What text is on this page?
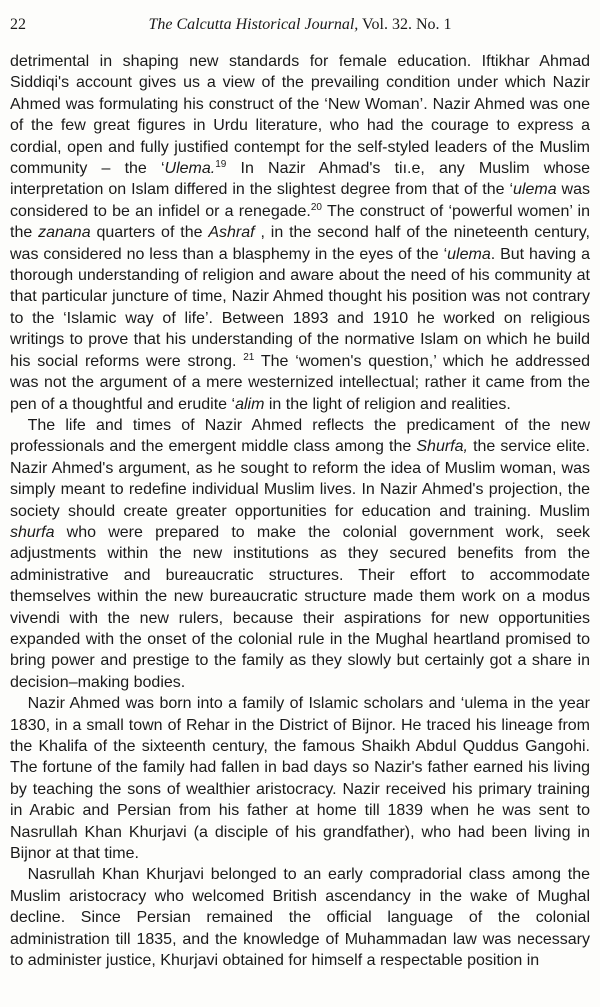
22	The Calcutta Historical Journal, Vol. 32. No. 1

detrimental in shaping new standards for female education. Iftikhar Ahmad Siddiqi's account gives us a view of the prevailing condition under which Nazir Ahmed was formulating his construct of the ‘New Woman’. Nazir Ahmed was one of the few great figures in Urdu literature, who had the courage to express a cordial, open and fully justified contempt for the self-styled leaders of the Muslim community – the ‘Ulema.$^{19}$ In Nazir Ahmad's tiı.e, any Muslim whose interpretation on Islam differed in the slightest degree from that of the ‘ulema was considered to be an infidel or a renegade.$^{20}$ The construct of ‘powerful women’ in the zanana quarters of the Ashraf , in the second half of the nineteenth century, was considered no less than a blasphemy in the eyes of the ‘ulema. But having a thorough understanding of religion and aware about the need of his community at that particular juncture of time, Nazir Ahmed thought his position was not contrary to the ‘Islamic way of life’. Between 1893 and 1910 he worked on religious writings to prove that his understanding of the normative Islam on which he build his social reforms were strong. $^{21}$ The ‘women's question,’ which he addressed was not the argument of a mere westernized intellectual; rather it came from the pen of a thoughtful and erudite ‘alim in the light of religion and realities.

The life and times of Nazir Ahmed reflects the predicament of the new professionals and the emergent middle class among the Shurfa, the service elite. Nazir Ahmed's argument, as he sought to reform the idea of Muslim woman, was simply meant to redefine individual Muslim lives. In Nazir Ahmed's projection, the society should create greater opportunities for education and training. Muslim shurfa who were prepared to make the colonial government work, seek adjustments within the new institutions as they secured benefits from the administrative and bureaucratic structures. Their effort to accommodate themselves within the new bureaucratic structure made them work on a modus vivendi with the new rulers, because their aspirations for new opportunities expanded with the onset of the colonial rule in the Mughal heartland promised to bring power and prestige to the family as they slowly but certainly got a share in decision–making bodies.

Nazir Ahmed was born into a family of Islamic scholars and ‘ulema in the year 1830, in a small town of Rehar in the District of Bijnor. He traced his lineage from the Khalifa of the sixteenth century, the famous Shaikh Abdul Quddus Gangohi. The fortune of the family had fallen in bad days so Nazir's father earned his living by teaching the sons of wealthier aristocracy. Nazir received his primary training in Arabic and Persian from his father at home till 1839 when he was sent to Nasrullah Khan Khurjavi (a disciple of his grandfather), who had been living in Bijnor at that time.

Nasrullah Khan Khurjavi belonged to an early compradorial class among the Muslim aristocracy who welcomed British ascendancy in the wake of Mughal decline. Since Persian remained the official language of the colonial administration till 1835, and the knowledge of Muhammadan law was necessary to administer justice, Khurjavi obtained for himself a respectable position in
